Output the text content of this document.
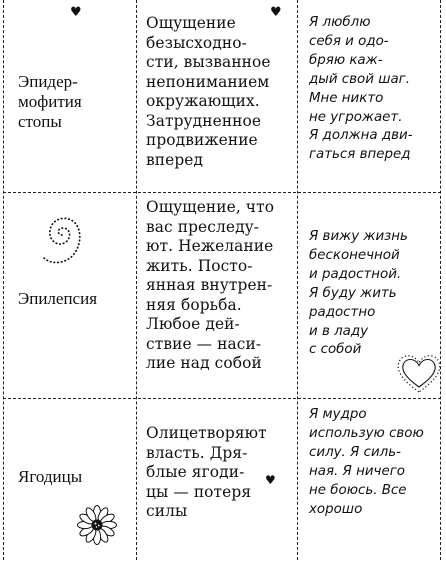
Эпидер-
мофития
стопы
Ощущение
безысходно-
сти, вызванное
непониманием
окружающих.
Затрудненное
продвижение
вперед
Я люблю
себя и одо-
бряю каж-
дый свой шаг.
Мне никто
не угрожает.
Я должна дви-
гаться вперед
Эпилепсия
Ощущение, что
вас преследу-
ют. Нежелание
жить. Посто-
янная внутрен-
няя борьба.
Любое дей-
ствие — наси-
лие над собой
Я вижу жизнь
бесконечной
и радостной.
Я буду жить
радостно
и в ладу
с собой
Ягодицы
Олицетворяют
власть. Дря-
блые ягоди-
цы — потеря
силы
Я мудро
использую свою
силу. Я силь-
ная. Я ничего
не боюсь. Все
хорошо
♥	♥
♥
